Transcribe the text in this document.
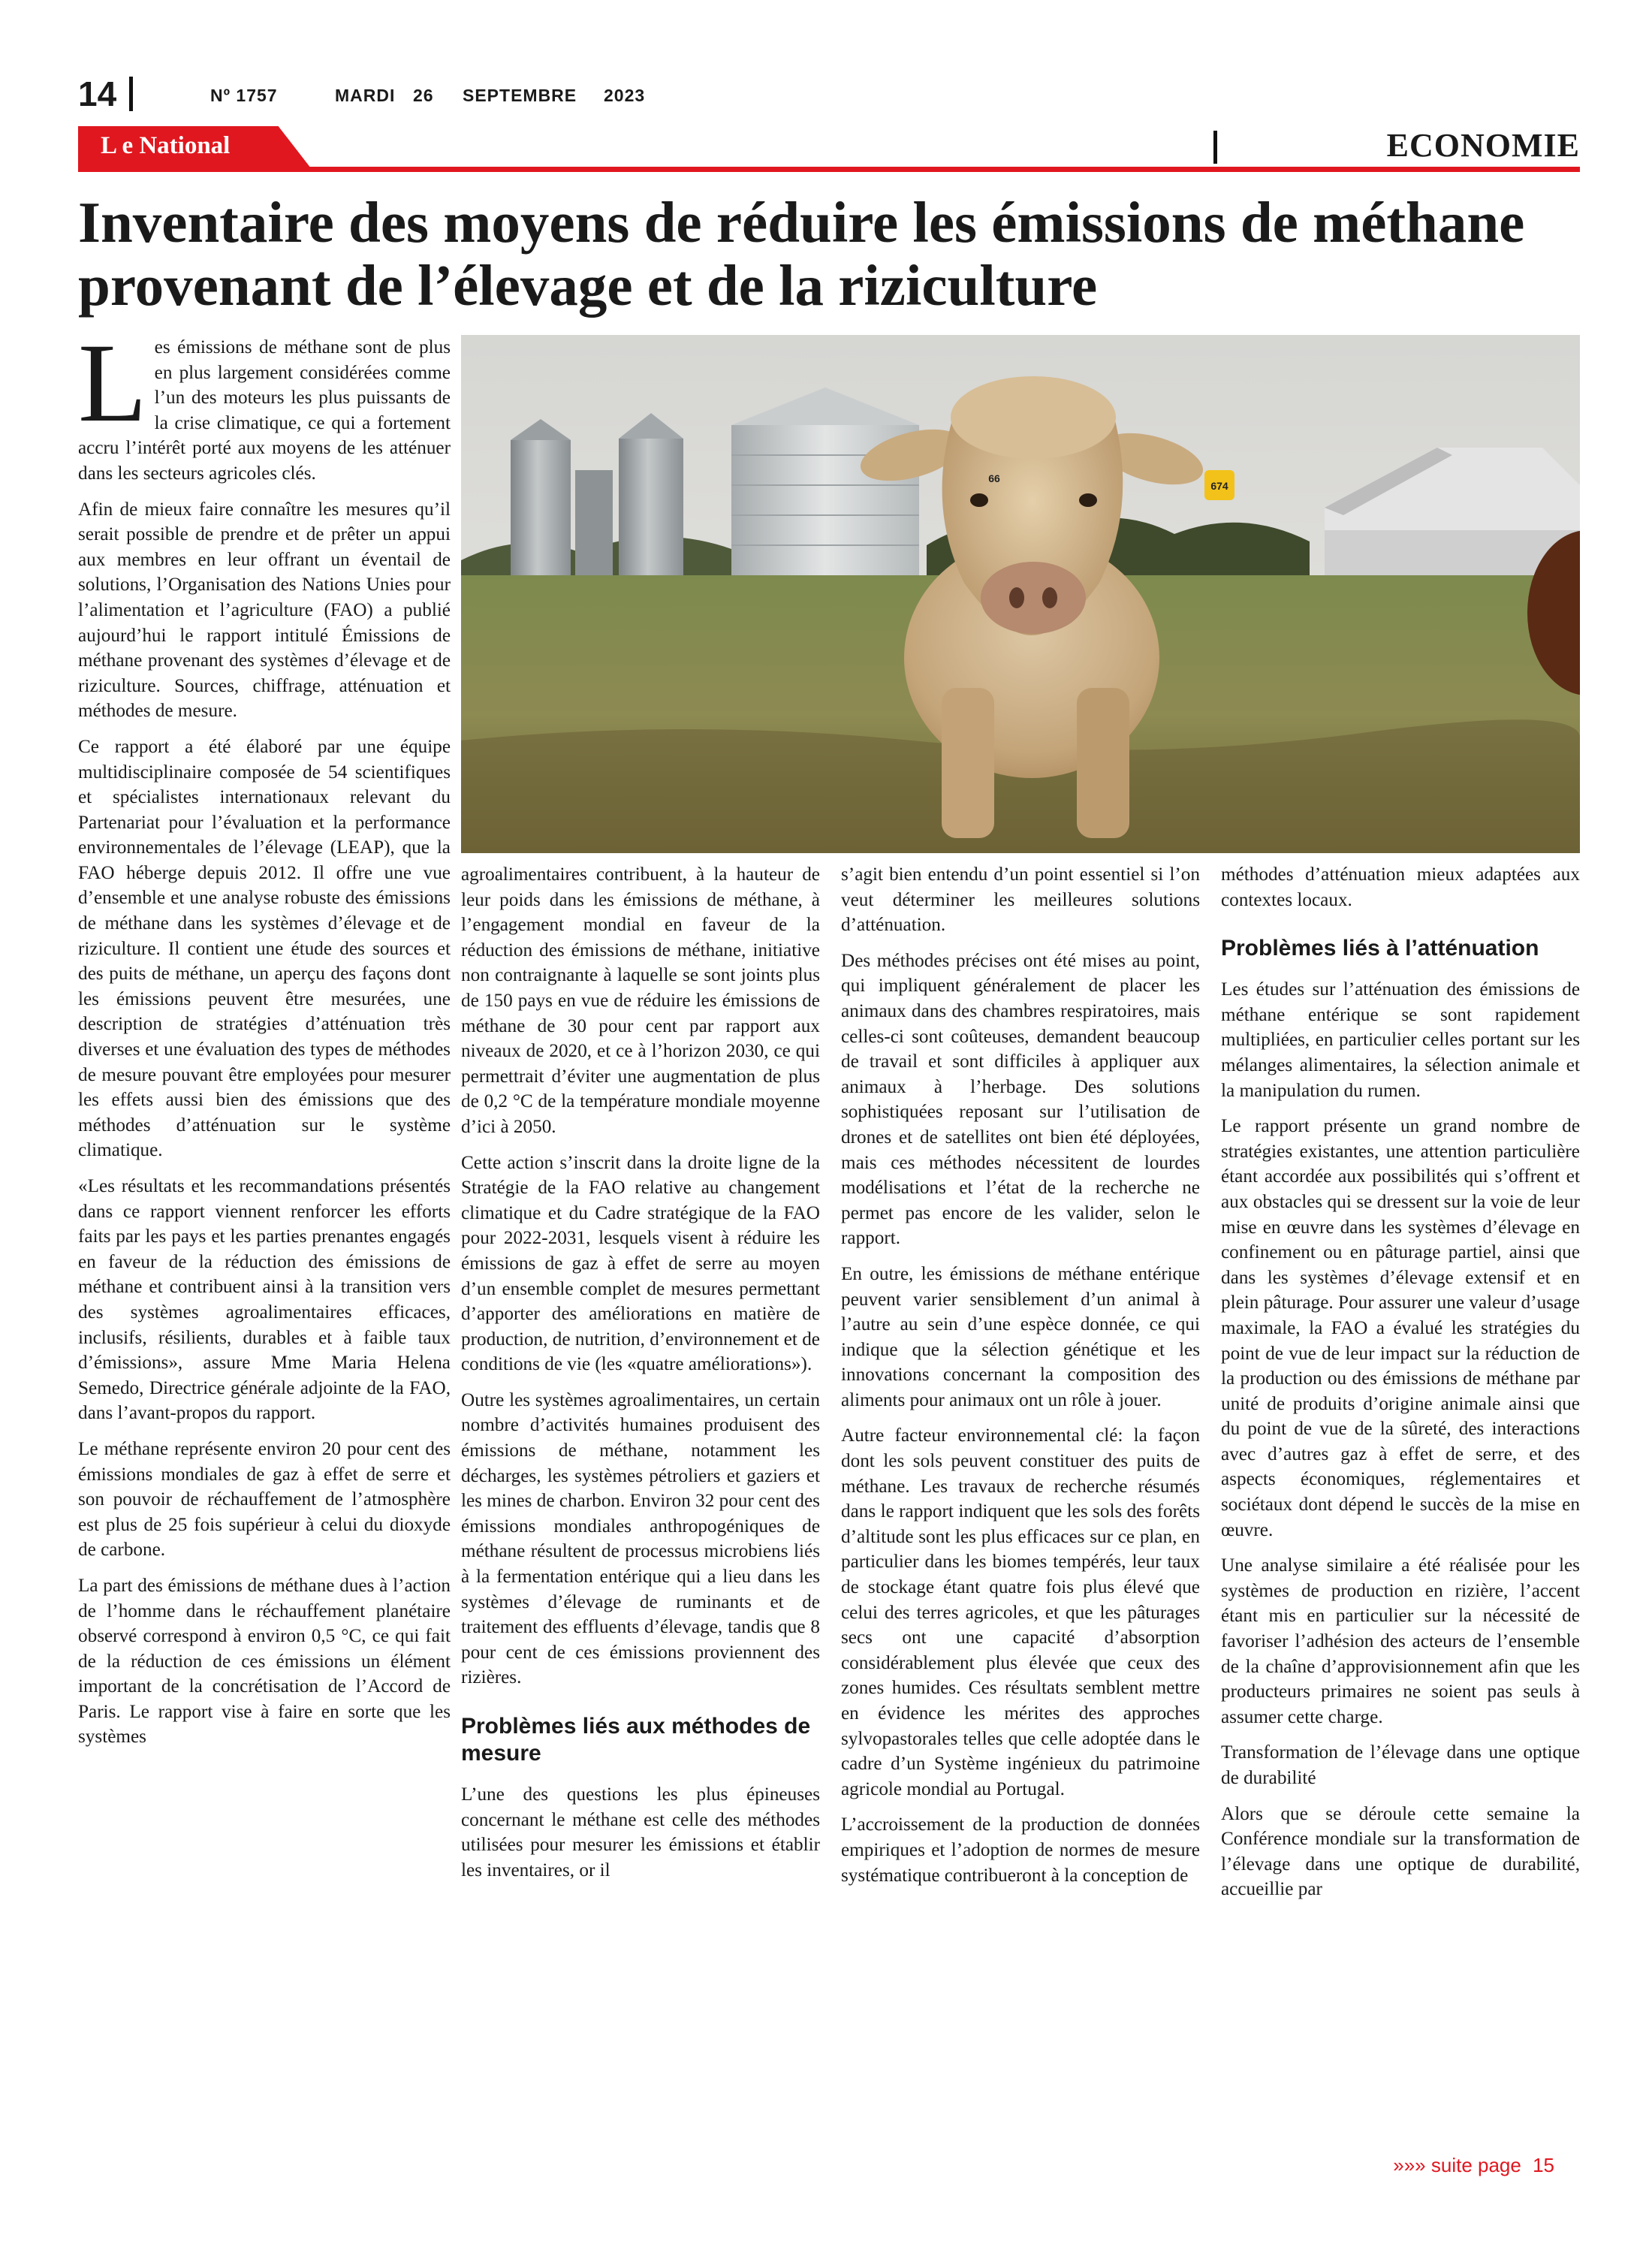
14	Nº 1757	MARDI 26 SEPTEMBRE 2023
L e National	ECONOMIE
Inventaire des moyens de réduire les émissions de méthane provenant de l’élevage et de la riziculture
66
674

Les émissions de méthane sont de plus en plus largement considérées comme l’un des moteurs les plus puissants de la crise climatique, ce qui a fortement accru l’intérêt porté aux moyens de les atténuer dans les secteurs agricoles clés.

Afin de mieux faire connaître les mesures qu’il serait possible de prendre et de prêter un appui aux membres en leur offrant un éventail de solutions, l’Organisation des Nations Unies pour l’alimentation et l’agriculture (FAO) a publié aujourd’hui le rapport intitulé Émissions de méthane provenant des systèmes d’élevage et de riziculture. Sources, chiffrage, atténuation et méthodes de mesure.

Ce rapport a été élaboré par une équipe multidisciplinaire composée de 54 scientifiques et spécialistes internationaux relevant du Partenariat pour l’évaluation et la performance environnementales de l’élevage (LEAP), que la FAO héberge depuis 2012. Il offre une vue d’ensemble et une analyse robuste des émissions de méthane dans les systèmes d’élevage et de riziculture. Il contient une étude des sources et des puits de méthane, un aperçu des façons dont les émissions peuvent être mesurées, une description de stratégies d’atténuation très diverses et une évaluation des types de méthodes de mesure pouvant être employées pour mesurer les effets aussi bien des émissions que des méthodes d’atténuation sur le système climatique.

«Les résultats et les recommandations présentés dans ce rapport viennent renforcer les efforts faits par les pays et les parties prenantes engagés en faveur de la réduction des émissions de méthane et contribuent ainsi à la transition vers des systèmes agroalimentaires efficaces, inclusifs, résilients, durables et à faible taux d’émissions», assure Mme Maria Helena Semedo, Directrice générale adjointe de la FAO, dans l’avant-propos du rapport.

Le méthane représente environ 20 pour cent des émissions mondiales de gaz à effet de serre et son pouvoir de réchauffement de l’atmosphère est plus de 25 fois supérieur à celui du dioxyde de carbone.

La part des émissions de méthane dues à l’action de l’homme dans le réchauffement planétaire observé correspond à environ 0,5 °C, ce qui fait de la réduction de ces émissions un élément important de la concrétisation de l’Accord de Paris. Le rapport vise à faire en sorte que les systèmes

agroalimentaires contribuent, à la hauteur de leur poids dans les émissions de méthane, à l’engagement mondial en faveur de la réduction des émissions de méthane, initiative non contraignante à laquelle se sont joints plus de 150 pays en vue de réduire les émissions de méthane de 30 pour cent par rapport aux niveaux de 2020, et ce à l’horizon 2030, ce qui permettrait d’éviter une augmentation de plus de 0,2 °C de la température mondiale moyenne d’ici à 2050.

Cette action s’inscrit dans la droite ligne de la Stratégie de la FAO relative au changement climatique et du Cadre stratégique de la FAO pour 2022-2031, lesquels visent à réduire les émissions de gaz à effet de serre au moyen d’un ensemble complet de mesures permettant d’apporter des améliorations en matière de production, de nutrition, d’environnement et de conditions de vie (les «quatre améliorations»).

Outre les systèmes agroalimentaires, un certain nombre d’activités humaines produisent des émissions de méthane, notamment les décharges, les systèmes pétroliers et gaziers et les mines de charbon. Environ 32 pour cent des émissions mondiales anthropogéniques de méthane résultent de processus microbiens liés à la fermentation entérique qui a lieu dans les systèmes d’élevage de ruminants et de traitement des effluents d’élevage, tandis que 8 pour cent de ces émissions proviennent des rizières.

Problèmes liés aux méthodes de mesure

L’une des questions les plus épineuses concernant le méthane est celle des méthodes utilisées pour mesurer les émissions et établir les inventaires, or il

s’agit bien entendu d’un point essentiel si l’on veut déterminer les meilleures solutions d’atténuation.

Des méthodes précises ont été mises au point, qui impliquent généralement de placer les animaux dans des chambres respiratoires, mais celles-ci sont coûteuses, demandent beaucoup de travail et sont difficiles à appliquer aux animaux à l’herbage. Des solutions sophistiquées reposant sur l’utilisation de drones et de satellites ont bien été déployées, mais ces méthodes nécessitent de lourdes modélisations et l’état de la recherche ne permet pas encore de les valider, selon le rapport.

En outre, les émissions de méthane entérique peuvent varier sensiblement d’un animal à l’autre au sein d’une espèce donnée, ce qui indique que la sélection génétique et les innovations concernant la composition des aliments pour animaux ont un rôle à jouer.

Autre facteur environnemental clé: la façon dont les sols peuvent constituer des puits de méthane. Les travaux de recherche résumés dans le rapport indiquent que les sols des forêts d’altitude sont les plus efficaces sur ce plan, en particulier dans les biomes tempérés, leur taux de stockage étant quatre fois plus élevé que celui des terres agricoles, et que les pâturages secs ont une capacité d’absorption considérablement plus élevée que ceux des zones humides. Ces résultats semblent mettre en évidence les mérites des approches sylvopastorales telles que celle adoptée dans le cadre d’un Système ingénieux du patrimoine agricole mondial au Portugal.

L’accroissement de la production de données empiriques et l’adoption de normes de mesure systématique contribueront à la conception de

méthodes d’atténuation mieux adaptées aux contextes locaux.

Problèmes liés à l’atténuation

Les études sur l’atténuation des émissions de méthane entérique se sont rapidement multipliées, en particulier celles portant sur les mélanges alimentaires, la sélection animale et la manipulation du rumen.

Le rapport présente un grand nombre de stratégies existantes, une attention particulière étant accordée aux possibilités qui s’offrent et aux obstacles qui se dressent sur la voie de leur mise en œuvre dans les systèmes d’élevage en confinement ou en pâturage partiel, ainsi que dans les systèmes d’élevage extensif et en plein pâturage. Pour assurer une valeur d’usage maximale, la FAO a évalué les stratégies du point de vue de leur impact sur la réduction de la production ou des émissions de méthane par unité de produits d’origine animale ainsi que du point de vue de la sûreté, des interactions avec d’autres gaz à effet de serre, et des aspects économiques, réglementaires et sociétaux dont dépend le succès de la mise en œuvre.

Une analyse similaire a été réalisée pour les systèmes de production en rizière, l’accent étant mis en particulier sur la nécessité de favoriser l’adhésion des acteurs de l’ensemble de la chaîne d’approvisionnement afin que les producteurs primaires ne soient pas seuls à assumer cette charge.

Transformation de l’élevage dans une optique de durabilité

Alors que se déroule cette semaine la Conférence mondiale sur la transformation de l’élevage dans une optique de durabilité, accueillie par

»»» suite page 15
